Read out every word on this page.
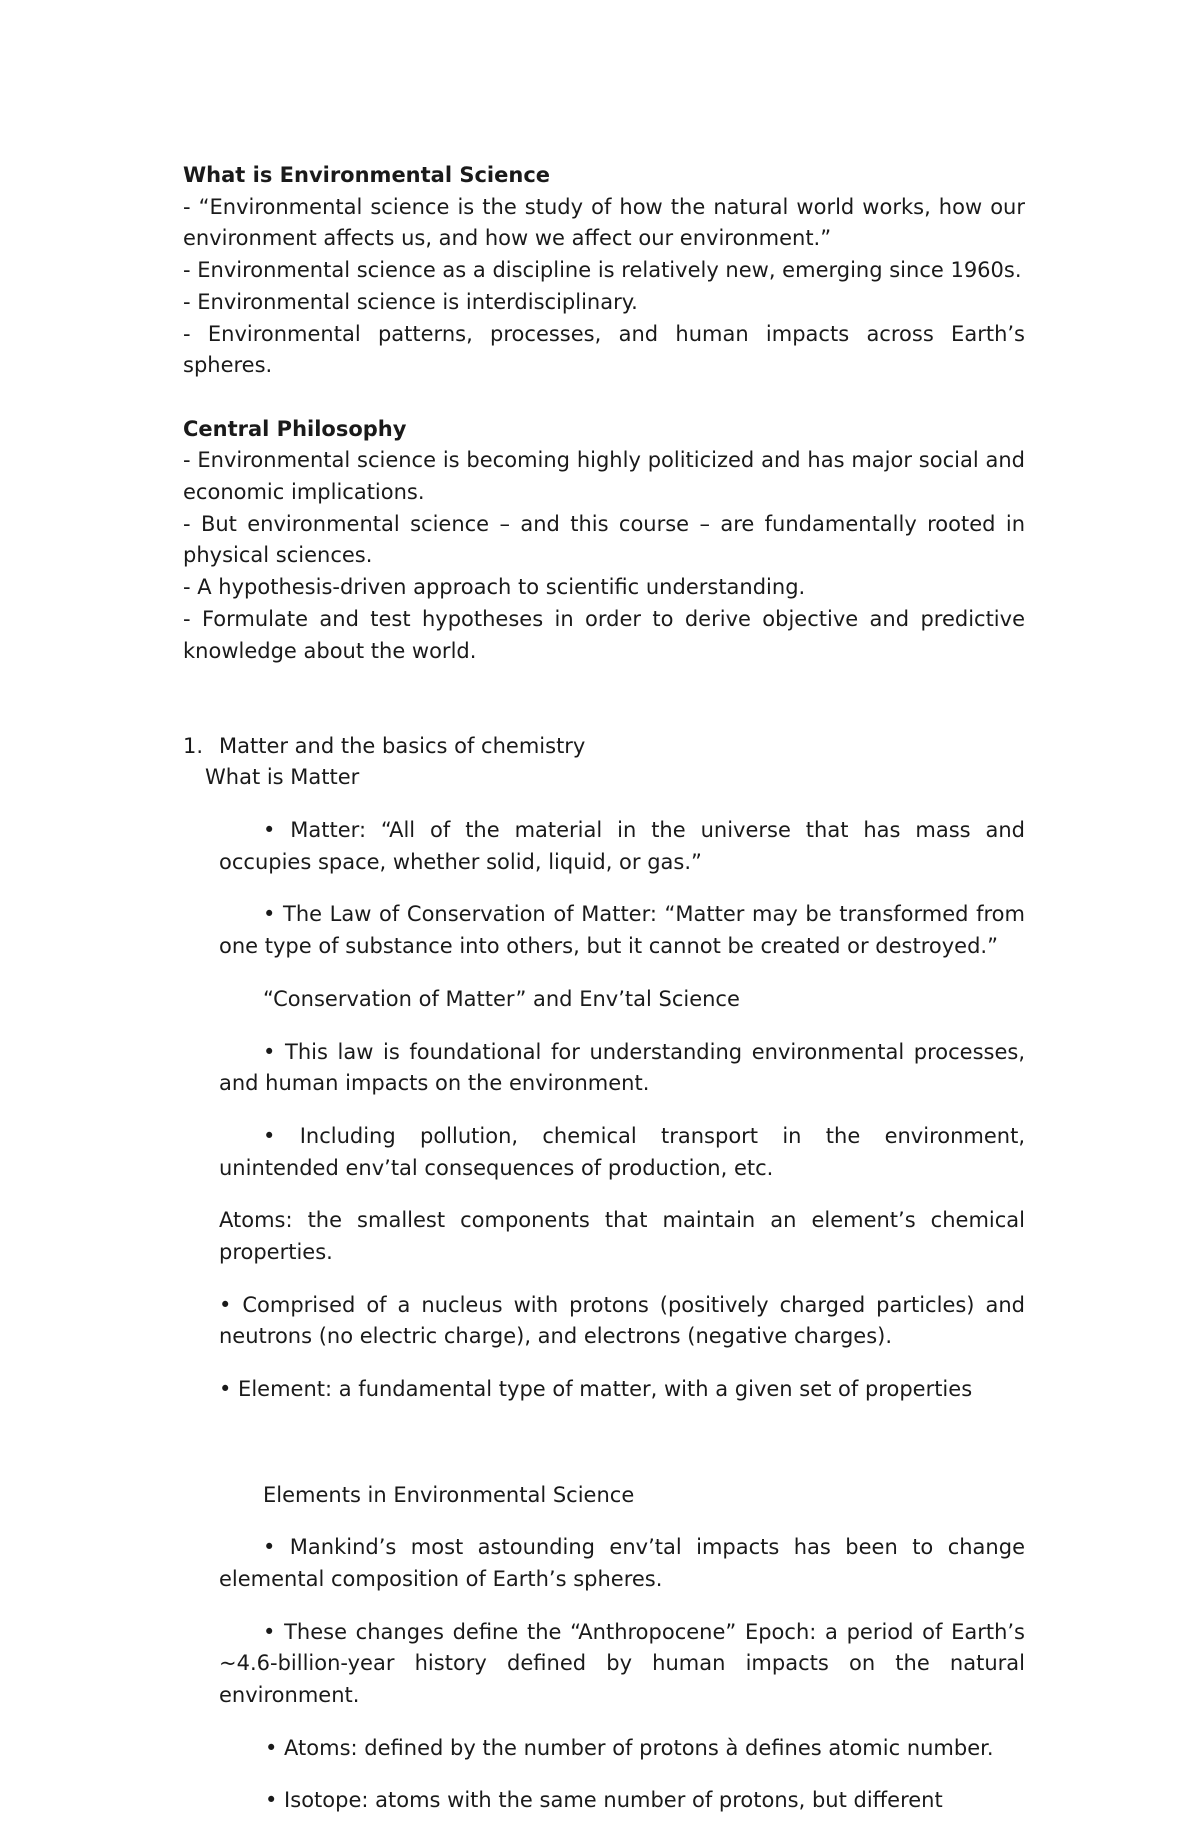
What is Environmental Science

- “Environmental science is the study of how the natural world works, how our environment affects us, and how we affect our environment.”

- Environmental science as a discipline is relatively new, emerging since 1960s.

- Environmental science is interdisciplinary.

- Environmental patterns, processes, and human impacts across Earth’s spheres.

Central Philosophy

- Environmental science is becoming highly politicized and has major social and economic implications.

- But environmental science – and this course – are fundamentally rooted in physical sciences.

- A hypothesis-driven approach to scientific understanding.

- Formulate and test hypotheses in order to derive objective and predictive knowledge about the world.

1. Matter and the basics of chemistry

What is Matter

• Matter: “All of the material in the universe that has mass and occupies space, whether solid, liquid, or gas.”

• The Law of Conservation of Matter: “Matter may be transformed from one type of substance into others, but it cannot be created or destroyed.”

“Conservation of Matter” and Env’tal Science

• This law is foundational for understanding environmental processes, and human impacts on the environment.

• Including pollution, chemical transport in the environment, unintended env’tal consequences of production, etc.

Atoms: the smallest components that maintain an element’s chemical properties.

• Comprised of a nucleus with protons (positively charged particles) and neutrons (no electric charge), and electrons (negative charges).

• Element: a fundamental type of matter, with a given set of properties

Elements in Environmental Science

• Mankind’s most astounding env’tal impacts has been to change elemental composition of Earth’s spheres.

• These changes define the “Anthropocene” Epoch: a period of Earth’s ~4.6-billion-year history defined by human impacts on the natural environment.

• Atoms: defined by the number of protons à defines atomic number.

• Isotope: atoms with the same number of protons, but different
